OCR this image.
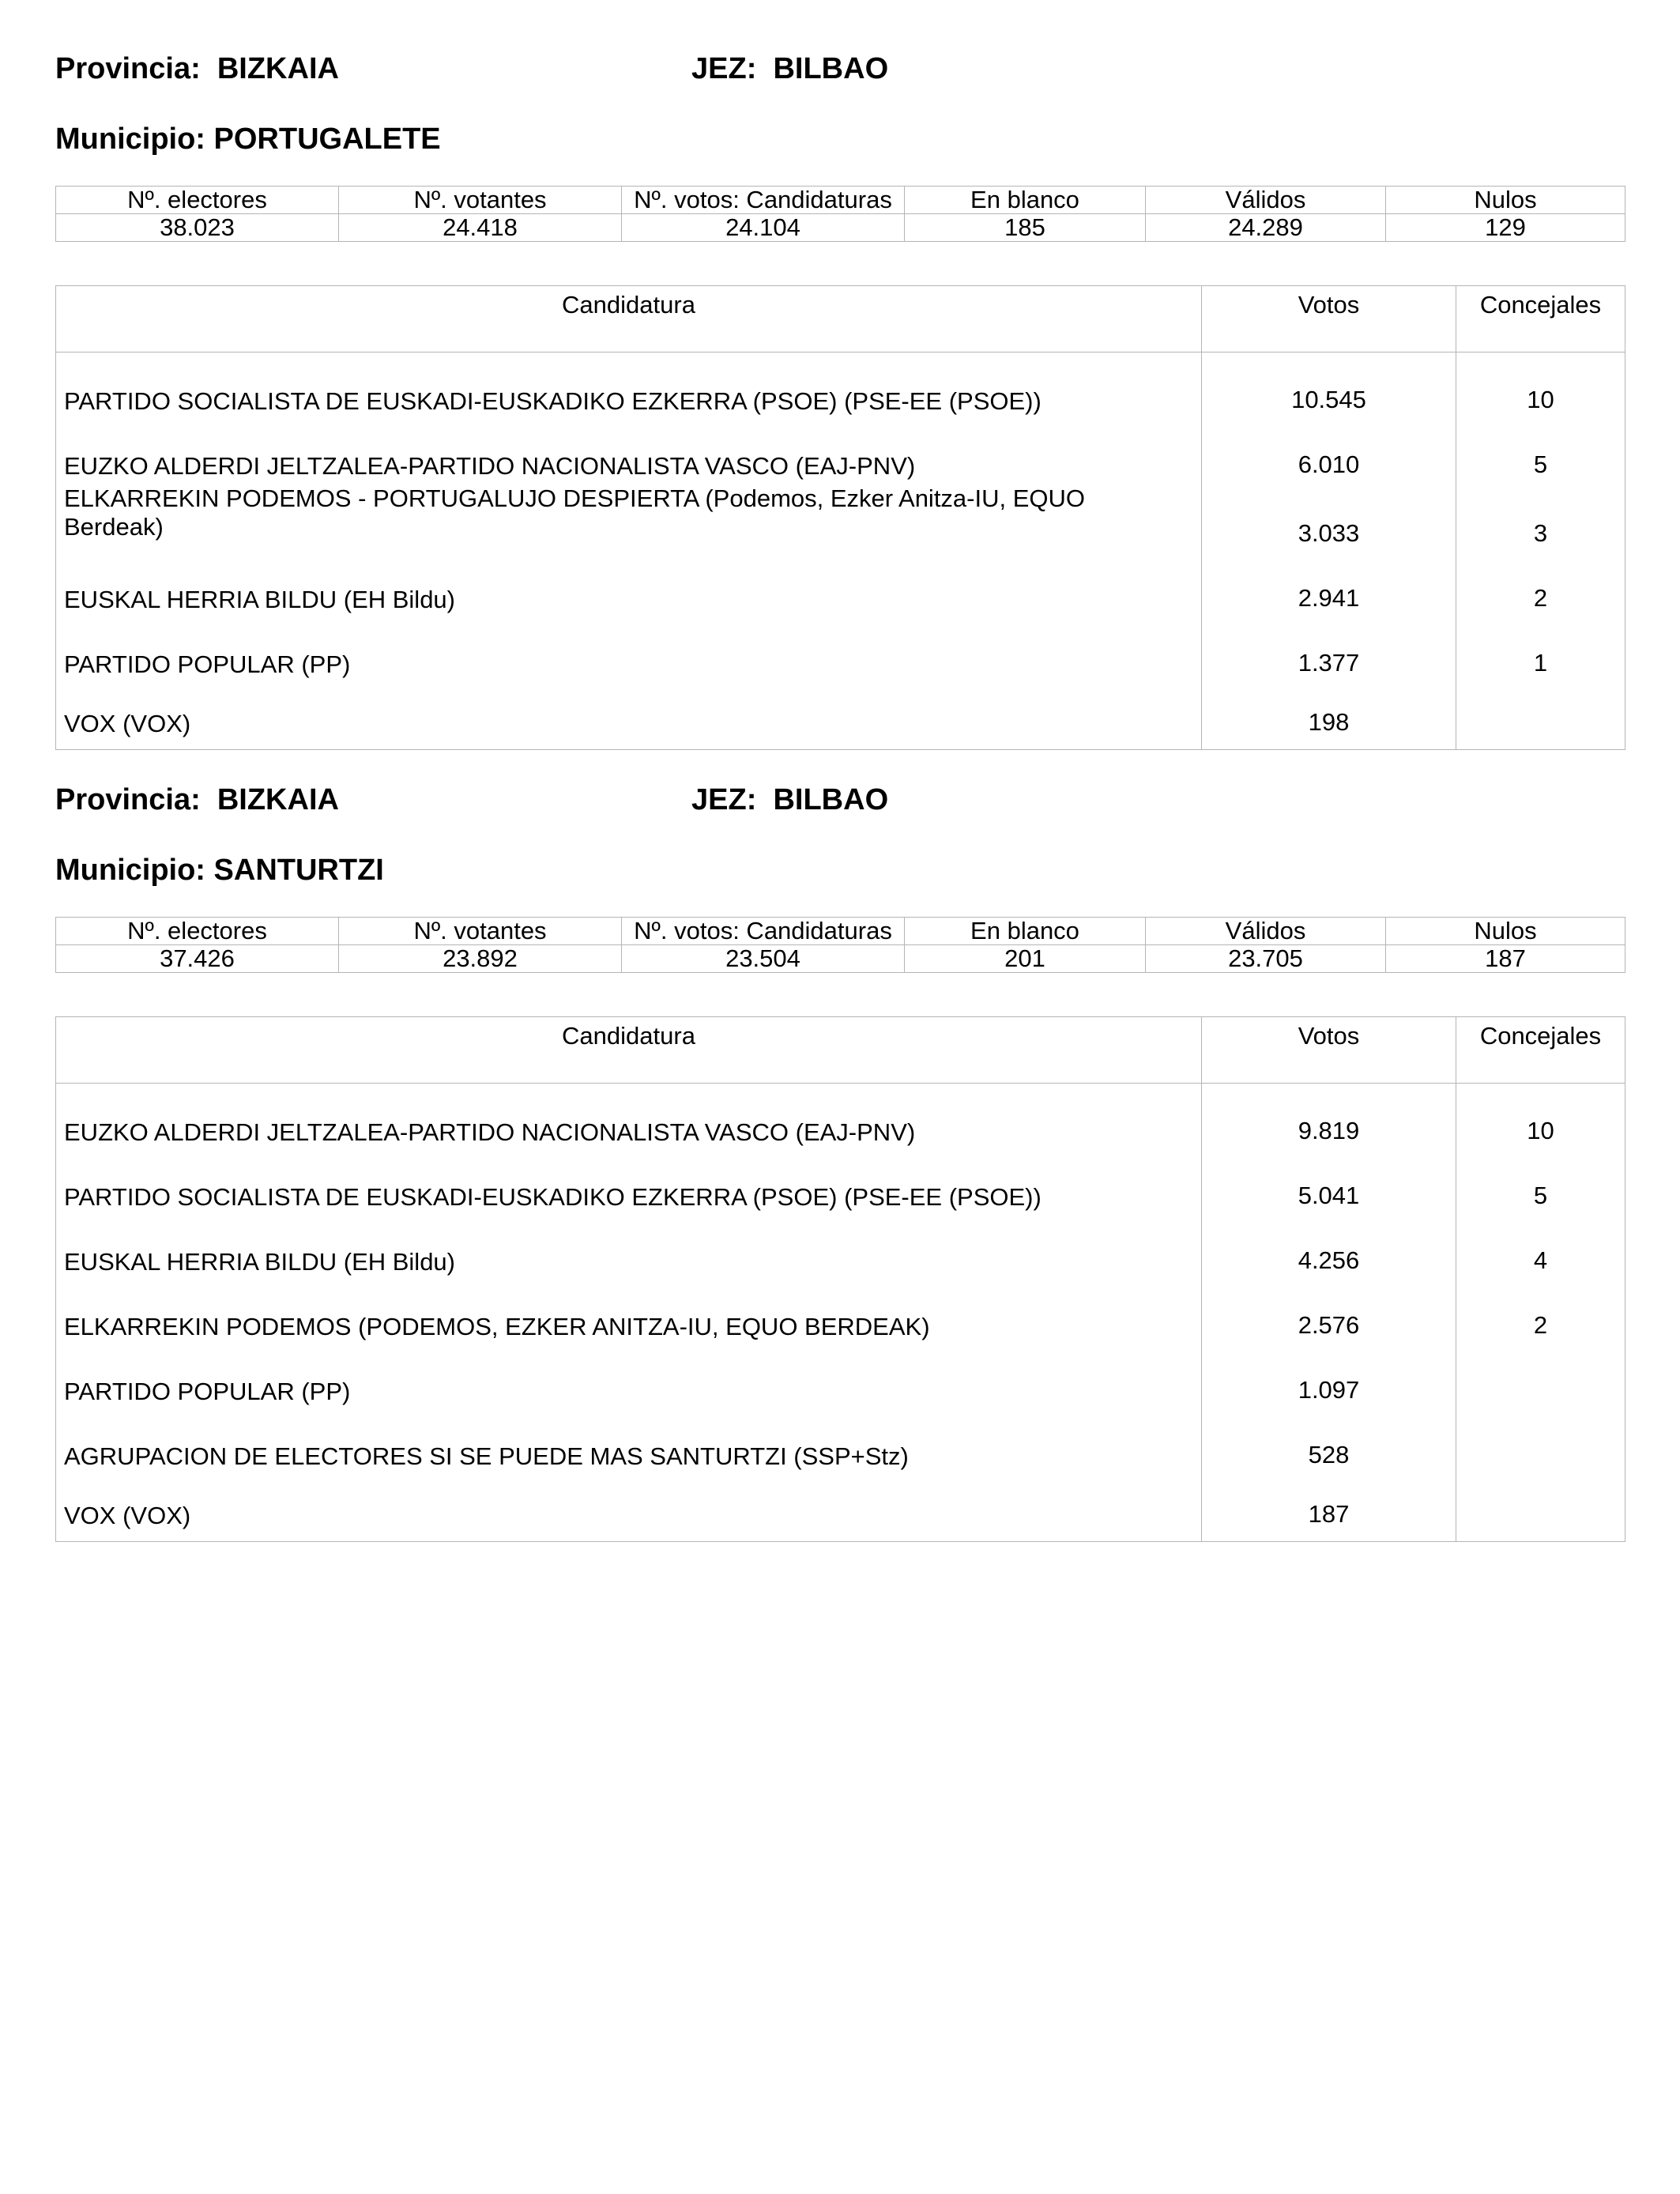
Provincia:  BIZKAIA	JEZ:  BILBAO
Municipio: PORTUGALETE
Nº. electores	Nº. votantes	Nº. votos: Candidaturas	En blanco	Válidos	Nulos
38.023	24.418	24.104	185	24.289	129
Candidatura	Votos	Concejales
PARTIDO SOCIALISTA DE EUSKADI-EUSKADIKO EZKERRA (PSOE) (PSE-EE (PSOE))	10.545	10
EUZKO ALDERDI JELTZALEA-PARTIDO NACIONALISTA VASCO (EAJ-PNV)	6.010	5
ELKARREKIN PODEMOS - PORTUGALUJO DESPIERTA (Podemos, Ezker Anitza-IU, EQUO Berdeak)	3.033	3
EUSKAL HERRIA BILDU (EH Bildu)	2.941	2
PARTIDO POPULAR (PP)	1.377	1
VOX (VOX)	198	
Provincia:  BIZKAIA	JEZ:  BILBAO
Municipio: SANTURTZI
Nº. electores	Nº. votantes	Nº. votos: Candidaturas	En blanco	Válidos	Nulos
37.426	23.892	23.504	201	23.705	187
Candidatura	Votos	Concejales
EUZKO ALDERDI JELTZALEA-PARTIDO NACIONALISTA VASCO (EAJ-PNV)	9.819	10
PARTIDO SOCIALISTA DE EUSKADI-EUSKADIKO EZKERRA (PSOE) (PSE-EE (PSOE))	5.041	5
EUSKAL HERRIA BILDU (EH Bildu)	4.256	4
ELKARREKIN PODEMOS (PODEMOS, EZKER ANITZA-IU, EQUO BERDEAK)	2.576	2
PARTIDO POPULAR (PP)	1.097	
AGRUPACION DE ELECTORES SI SE PUEDE MAS SANTURTZI (SSP+Stz)	528	
VOX (VOX)	187	
